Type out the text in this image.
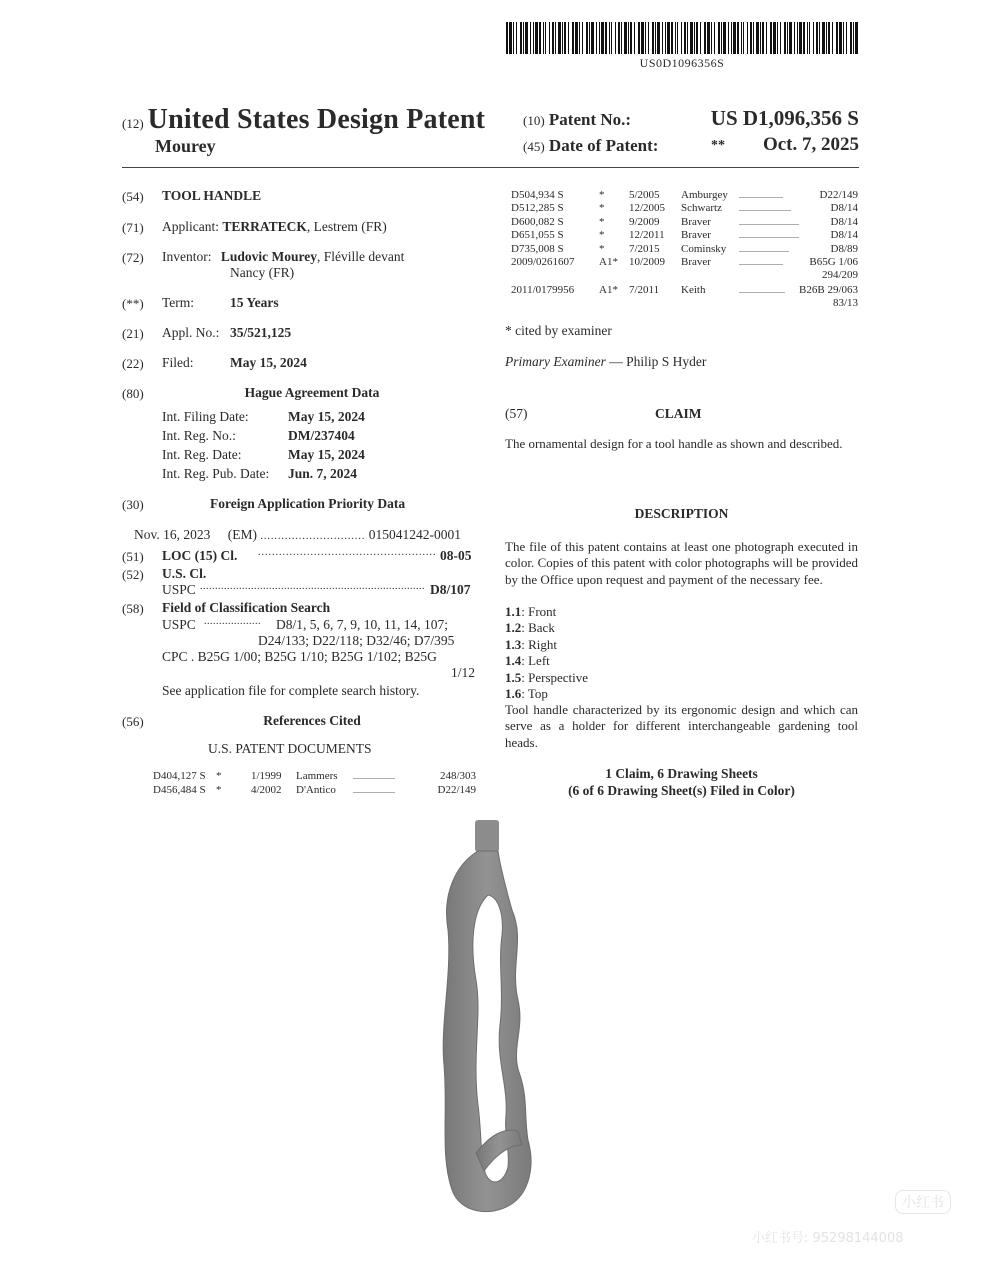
US0D1096356S
(12) United States Design Patent
Mourey
(10) Patent No.:	US D1,096,356 S
(45) Date of Patent:	** Oct. 7, 2025
(54) TOOL HANDLE
(71) Applicant: TERRATECK, Lestrem (FR)
(72) Inventor: Ludovic Mourey, Fléville devant
Nancy (FR)
(**) Term:	15 Years
(21) Appl. No.: 35/521,125
(22) Filed:	May 15, 2024
(80)	Hague Agreement Data
Int. Filing Date:	May 15, 2024
Int. Reg. No.:	DM/237404
Int. Reg. Date:	May 15, 2024
Int. Reg. Pub. Date: Jun. 7, 2024
(30)	Foreign Application Priority Data
Nov. 16, 2023 (EM) .............................. 015041242-0001
(51) LOC (15) Cl. ................................................... 08-05
(52) U.S. Cl.
USPC ........................................................................... D8/107
(58) Field of Classification Search
USPC ................... D8/1, 5, 6, 7, 9, 10, 11, 14, 107;
D24/133; D22/118; D32/46; D7/395
CPC . B25G 1/00; B25G 1/10; B25G 1/102; B25G
1/12
See application file for complete search history.
(56)	References Cited
U.S. PATENT DOCUMENTS
D404,127 S *	1/1999 Lammers .....................	248/303
D456,484 S *	4/2002 D'Antico .....................	D22/149
D504,934 S	* 5/2005 Amburgey ......................	D22/149
D512,285 S	* 12/2005 Schwartz ..........................	D8/14
D600,082 S	* 9/2009 Braver	..............................	D8/14
D651,055 S	* 12/2011 Braver	..............................	D8/14
D735,008 S	* 7/2015 Cominsky .........................	D8/89
2009/0261607 A1* 10/2009 Braver	...................... B65G 1/06
294/209
2011/0179956 A1* 7/2011 Keith	....................... B26B 29/063
83/13
* cited by examiner
Primary Examiner — Philip S Hyder
(57)	CLAIM
The ornamental design for a tool handle as shown and described.
DESCRIPTION
The file of this patent contains at least one photograph executed in color. Copies of this patent with color photographs will be provided by the Office upon request and payment of the necessary fee.
1.1: Front
1.2: Back
1.3: Right
1.4: Left
1.5: Perspective
1.6: Top
Tool handle characterized by its ergonomic design and which can serve as a holder for different interchangeable gardening tool heads.
1 Claim, 6 Drawing Sheets
(6 of 6 Drawing Sheet(s) Filed in Color)
小红书
小红书号: 95298144008
